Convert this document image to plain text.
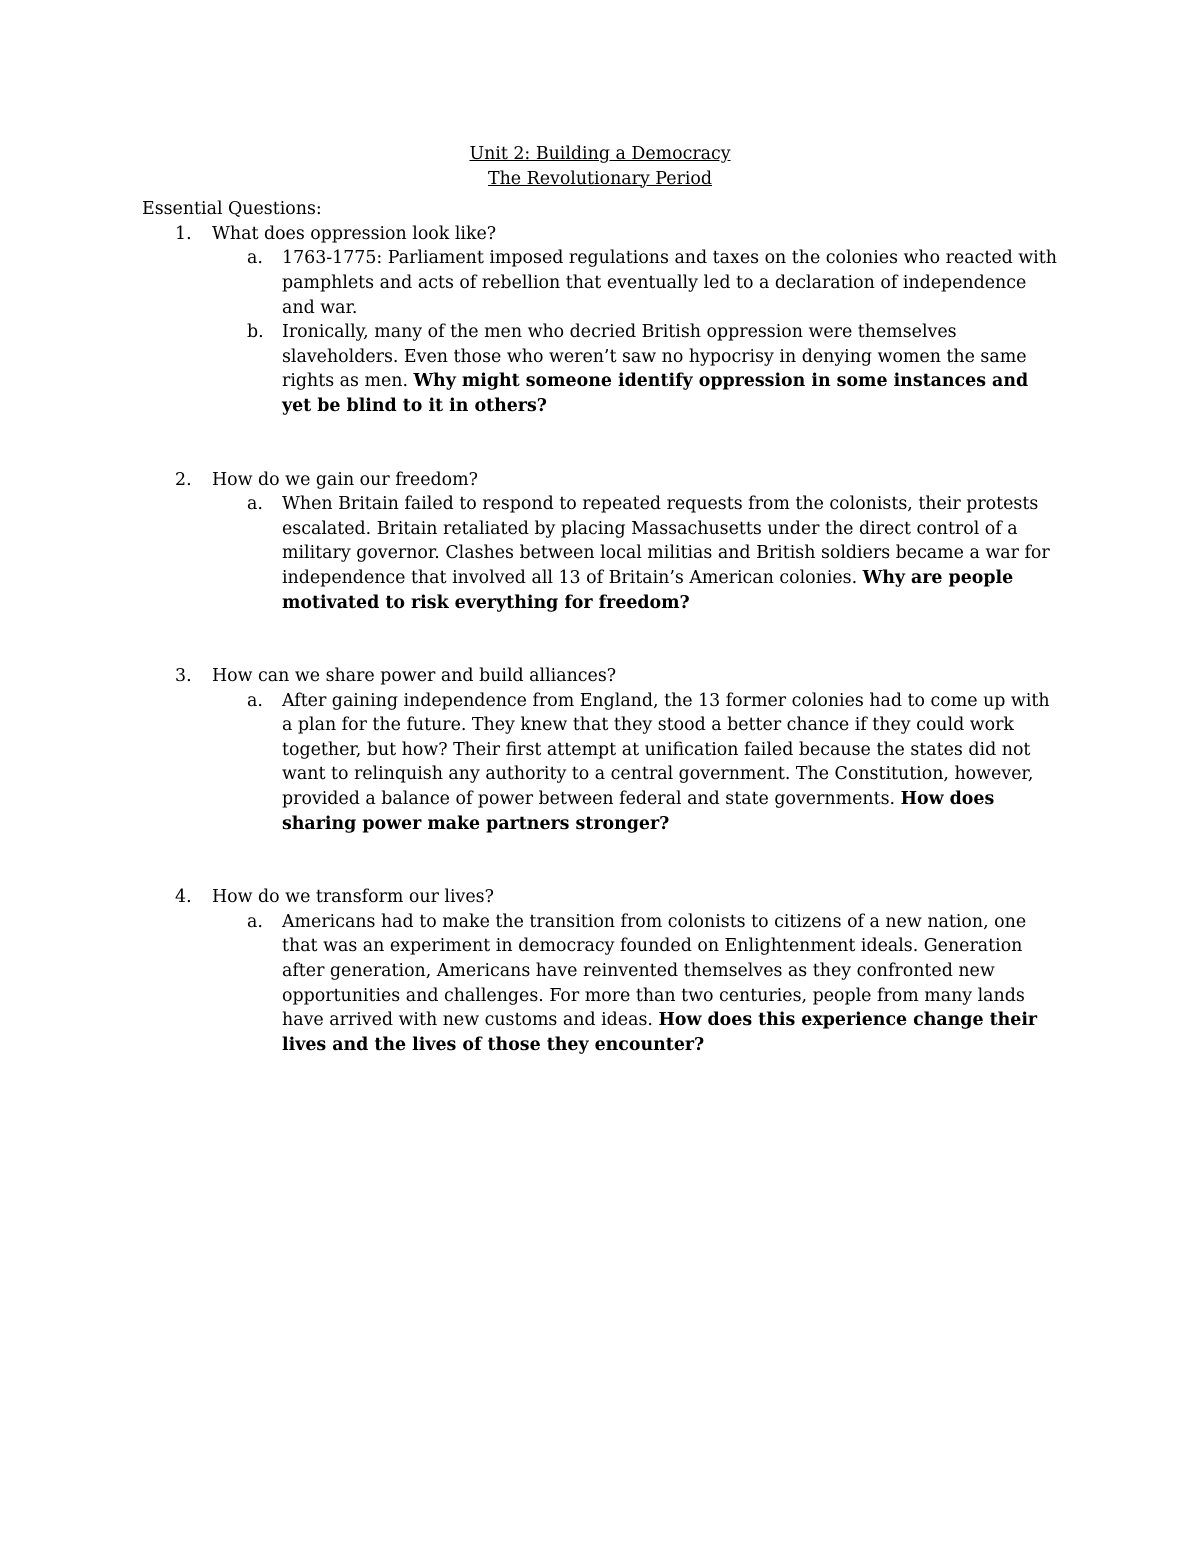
Unit 2: Building a Democracy
The Revolutionary Period
Essential Questions:
1. What does oppression look like?
a. 1763-1775: Parliament imposed regulations and taxes on the colonies who reacted with pamphlets and acts of rebellion that eventually led to a declaration of independence and war.
b. Ironically, many of the men who decried British oppression were themselves slaveholders. Even those who weren’t saw no hypocrisy in denying women the same rights as men. Why might someone identify oppression in some instances and yet be blind to it in others?
2. How do we gain our freedom?
a. When Britain failed to respond to repeated requests from the colonists, their protests escalated. Britain retaliated by placing Massachusetts under the direct control of a military governor. Clashes between local militias and British soldiers became a war for independence that involved all 13 of Britain’s American colonies. Why are people motivated to risk everything for freedom?
3. How can we share power and build alliances?
a. After gaining independence from England, the 13 former colonies had to come up with a plan for the future. They knew that they stood a better chance if they could work together, but how? Their first attempt at unification failed because the states did not want to relinquish any authority to a central government. The Constitution, however, provided a balance of power between federal and state governments. How does sharing power make partners stronger?
4. How do we transform our lives?
a. Americans had to make the transition from colonists to citizens of a new nation, one that was an experiment in democracy founded on Enlightenment ideals. Generation after generation, Americans have reinvented themselves as they confronted new opportunities and challenges. For more than two centuries, people from many lands have arrived with new customs and ideas. How does this experience change their lives and the lives of those they encounter?
